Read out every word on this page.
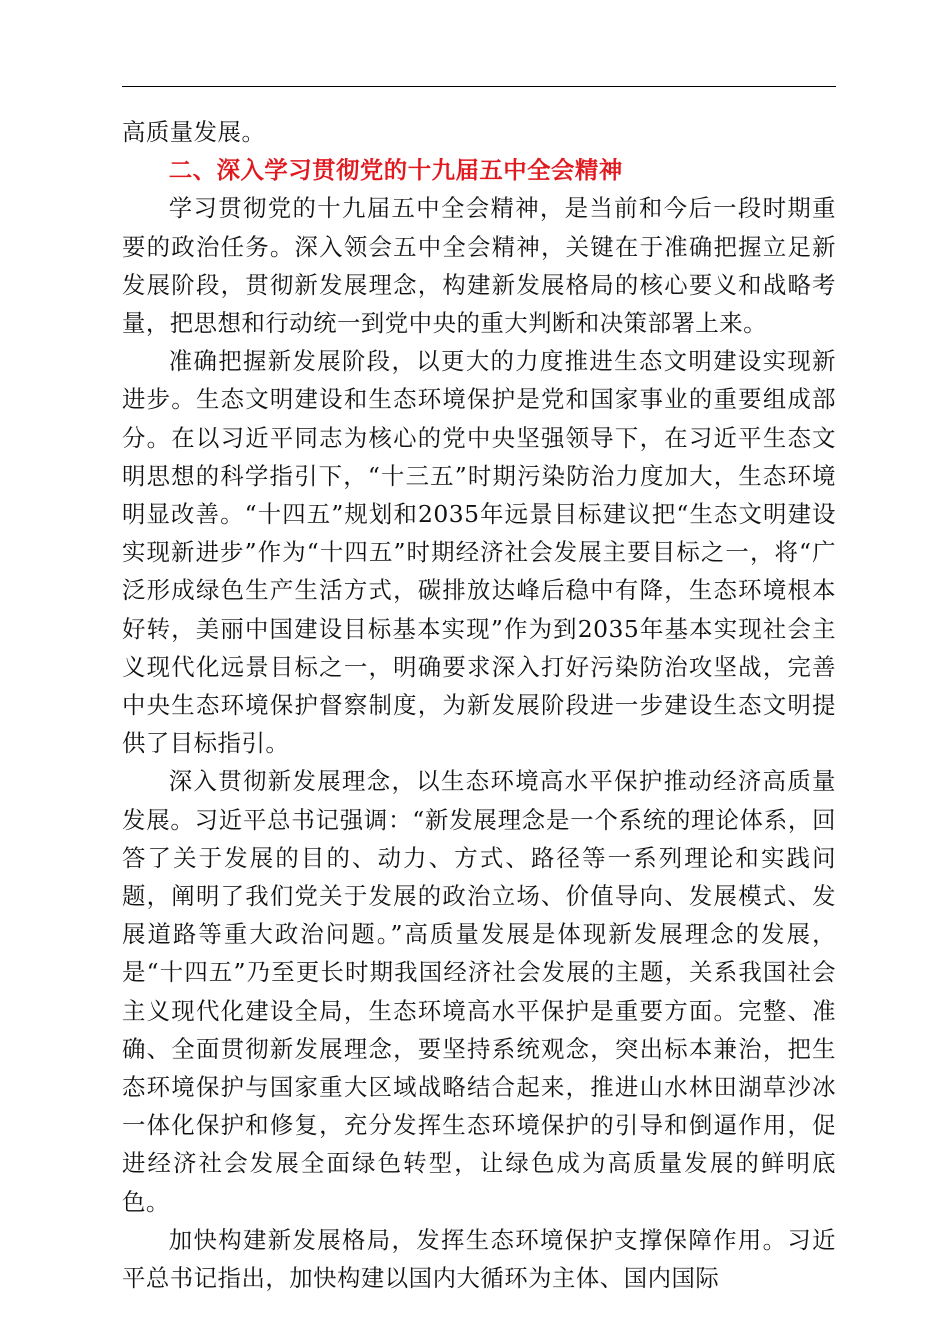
高质量发展。

二、深入学习贯彻党的十九届五中全会精神

学习贯彻党的十九届五中全会精神，是当前和今后一段时期重要的政治任务。深入领会五中全会精神，关键在于准确把握立足新发展阶段，贯彻新发展理念，构建新发展格局的核心要义和战略考量，把思想和行动统一到党中央的重大判断和决策部署上来。

准确把握新发展阶段，以更大的力度推进生态文明建设实现新进步。生态文明建设和生态环境保护是党和国家事业的重要组成部分。在以习近平同志为核心的党中央坚强领导下，在习近平生态文明思想的科学指引下，“十三五”时期污染防治力度加大，生态环境明显改善。“十四五”规划和2035年远景目标建议把“生态文明建设实现新进步”作为“十四五”时期经济社会发展主要目标之一，将“广泛形成绿色生产生活方式，碳排放达峰后稳中有降，生态环境根本好转，美丽中国建设目标基本实现”作为到2035年基本实现社会主义现代化远景目标之一，明确要求深入打好污染防治攻坚战，完善中央生态环境保护督察制度，为新发展阶段进一步建设生态文明提供了目标指引。

深入贯彻新发展理念，以生态环境高水平保护推动经济高质量发展。习近平总书记强调：“新发展理念是一个系统的理论体系，回答了关于发展的目的、动力、方式、路径等一系列理论和实践问题，阐明了我们党关于发展的政治立场、价值导向、发展模式、发展道路等重大政治问题。”高质量发展是体现新发展理念的发展，是“十四五”乃至更长时期我国经济社会发展的主题，关系我国社会主义现代化建设全局，生态环境高水平保护是重要方面。完整、准确、全面贯彻新发展理念，要坚持系统观念，突出标本兼治，把生态环境保护与国家重大区域战略结合起来，推进山水林田湖草沙冰一体化保护和修复，充分发挥生态环境保护的引导和倒逼作用，促进经济社会发展全面绿色转型，让绿色成为高质量发展的鲜明底色。

加快构建新发展格局，发挥生态环境保护支撑保障作用。习近平总书记指出，加快构建以国内大循环为主体、国内国际
